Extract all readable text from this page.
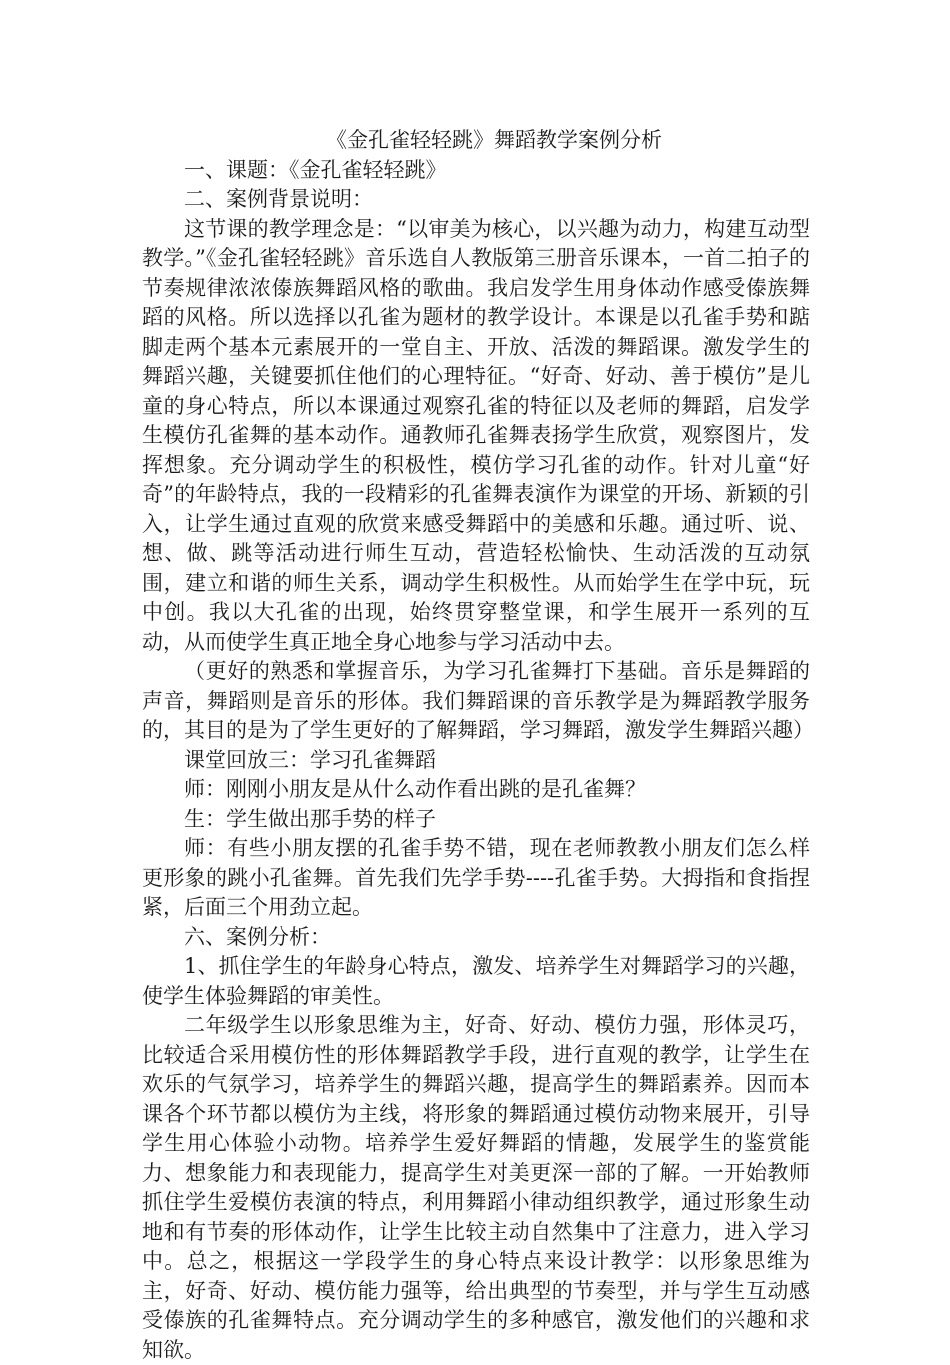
《金孔雀轻轻跳》舞蹈教学案例分析

一、课题：《金孔雀轻轻跳》

二、案例背景说明：

这节课的教学理念是：“以审美为核心，以兴趣为动力，构建互动型教学。”《金孔雀轻轻跳》音乐选自人教版第三册音乐课本，一首二拍子的节奏规律浓浓傣族舞蹈风格的歌曲。我启发学生用身体动作感受傣族舞蹈的风格。所以选择以孔雀为题材的教学设计。本课是以孔雀手势和踮脚走两个基本元素展开的一堂自主、开放、活泼的舞蹈课。激发学生的舞蹈兴趣，关键要抓住他们的心理特征。“好奇、好动、善于模仿”是儿童的身心特点，所以本课通过观察孔雀的特征以及老师的舞蹈，启发学生模仿孔雀舞的基本动作。通教师孔雀舞表扬学生欣赏，观察图片，发挥想象。充分调动学生的积极性，模仿学习孔雀的动作。针对儿童“好奇”的年龄特点，我的一段精彩的孔雀舞表演作为课堂的开场、新颖的引入，让学生通过直观的欣赏来感受舞蹈中的美感和乐趣。通过听、说、想、做、跳等活动进行师生互动，营造轻松愉快、生动活泼的互动氛围，建立和谐的师生关系，调动学生积极性。从而始学生在学中玩，玩中创。我以大孔雀的出现，始终贯穿整堂课，和学生展开一系列的互动，从而使学生真正地全身心地参与学习活动中去。

（更好的熟悉和掌握音乐，为学习孔雀舞打下基础。音乐是舞蹈的声音，舞蹈则是音乐的形体。我们舞蹈课的音乐教学是为舞蹈教学服务的，其目的是为了学生更好的了解舞蹈，学习舞蹈，激发学生舞蹈兴趣）

课堂回放三：学习孔雀舞蹈

师：刚刚小朋友是从什么动作看出跳的是孔雀舞？

生：学生做出那手势的样子

师：有些小朋友摆的孔雀手势不错，现在老师教教小朋友们怎么样更形象的跳小孔雀舞。首先我们先学手势----孔雀手势。大拇指和食指捏紧，后面三个用劲立起。

六、案例分析：

1、抓住学生的年龄身心特点，激发、培养学生对舞蹈学习的兴趣，使学生体验舞蹈的审美性。

二年级学生以形象思维为主，好奇、好动、模仿力强，形体灵巧，比较适合采用模仿性的形体舞蹈教学手段，进行直观的教学，让学生在欢乐的气氛学习，培养学生的舞蹈兴趣，提高学生的舞蹈素养。因而本课各个环节都以模仿为主线，将形象的舞蹈通过模仿动物来展开，引导学生用心体验小动物。培养学生爱好舞蹈的情趣，发展学生的鉴赏能力、想象能力和表现能力，提高学生对美更深一部的了解。一开始教师抓住学生爱模仿表演的特点，利用舞蹈小律动组织教学，通过形象生动地和有节奏的形体动作，让学生比较主动自然集中了注意力，进入学习中。总之，根据这一学段学生的身心特点来设计教学：以形象思维为主，好奇、好动、模仿能力强等，给出典型的节奏型，并与学生互动感受傣族的孔雀舞特点。充分调动学生的多种感官，激发他们的兴趣和求知欲。
